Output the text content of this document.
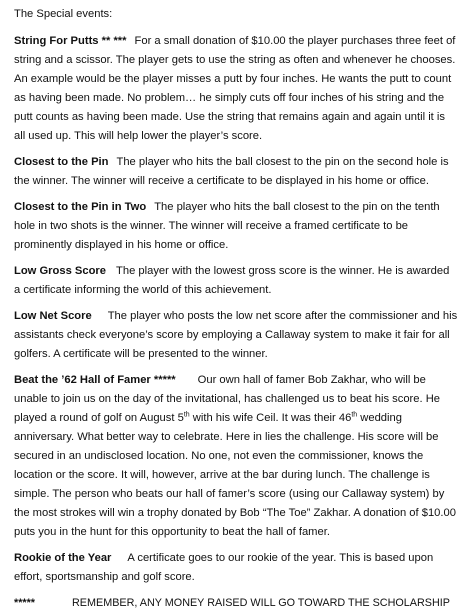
The Special events:

String For Putts ** *** For a small donation of $10.00 the player purchases three feet of string and a scissor. The player gets to use the string as often and whenever he chooses. An example would be the player misses a putt by four inches. He wants the putt to count as having been made. No problem… he simply cuts off four inches of his string and the putt counts as having been made. Use the string that remains again and again until it is all used up. This will help lower the player’s score.

Closest to the Pin The player who hits the ball closest to the pin on the second hole is the winner. The winner will receive a certificate to be displayed in his home or office.

Closest to the Pin in Two The player who hits the ball closest to the pin on the tenth hole in two shots is the winner. The winner will receive a framed certificate to be prominently displayed in his home or office.

Low Gross Score The player with the lowest gross score is the winner. He is awarded a certificate informing the world of this achievement.

Low Net Score The player who posts the low net score after the commissioner and his assistants check everyone’s score by employing a Callaway system to make it fair for all golfers. A certificate will be presented to the winner.

Beat the ’62 Hall of Famer ***** Our own hall of famer Bob Zakhar, who will be unable to join us on the day of the invitational, has challenged us to beat his score. He played a round of golf on August 5th with his wife Ceil. It was their 46th wedding anniversary. What better way to celebrate. Here in lies the challenge. His score will be secured in an undisclosed location. No one, not even the commissioner, knows the location or the score. It will, however, arrive at the bar during lunch. The challenge is simple. The person who beats our hall of famer’s score (using our Callaway system) by the most strokes will win a trophy donated by Bob “The Toe” Zakhar. A donation of $10.00 puts you in the hunt for this opportunity to beat the hall of famer.

Rookie of the Year A certificate goes to our rookie of the year. This is based upon effort, sportsmanship and golf score.

*****	REMEMBER, ANY MONEY RAISED WILL GO TOWARD THE SCHOLARSHIP
